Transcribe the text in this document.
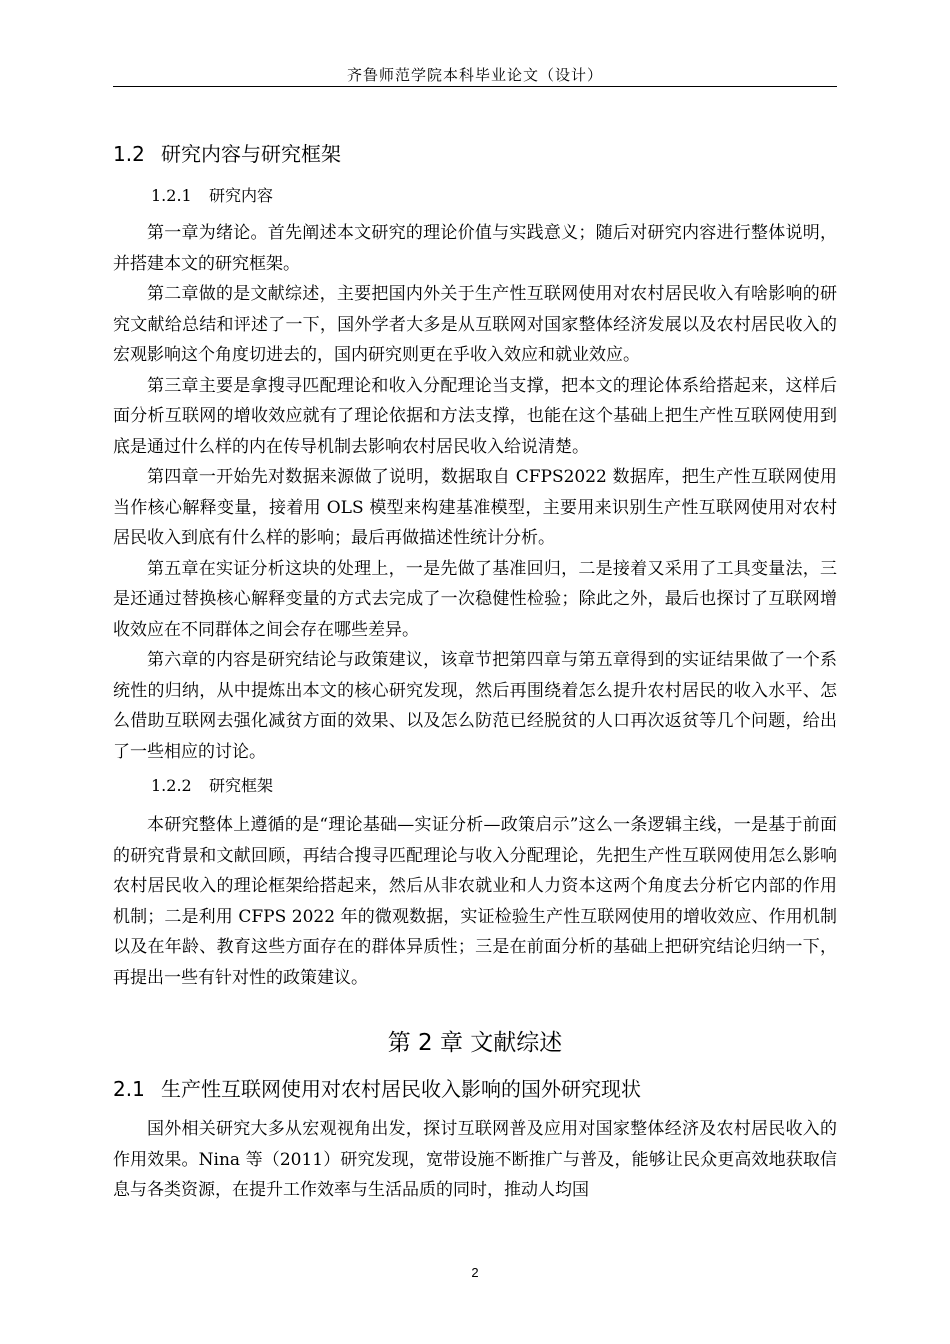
齐鲁师范学院本科毕业论文（设计）
1.2 研究内容与研究框架
1.2.1 研究内容

第一章为绪论。首先阐述本文研究的理论价值与实践意义；随后对研究内容进行整体说明，并搭建本文的研究框架。

第二章做的是文献综述，主要把国内外关于生产性互联网使用对农村居民收入有啥影响的研究文献给总结和评述了一下，国外学者大多是从互联网对国家整体经济发展以及农村居民收入的宏观影响这个角度切进去的，国内研究则更在乎收入效应和就业效应。

第三章主要是拿搜寻匹配理论和收入分配理论当支撑，把本文的理论体系给搭起来，这样后面分析互联网的增收效应就有了理论依据和方法支撑，也能在这个基础上把生产性互联网使用到底是通过什么样的内在传导机制去影响农村居民收入给说清楚。

第四章一开始先对数据来源做了说明，数据取自 CFPS2022 数据库，把生产性互联网使用当作核心解释变量，接着用 OLS 模型来构建基准模型，主要用来识别生产性互联网使用对农村居民收入到底有什么样的影响；最后再做描述性统计分析。

第五章在实证分析这块的处理上，一是先做了基准回归，二是接着又采用了工具变量法，三是还通过替换核心解释变量的方式去完成了一次稳健性检验；除此之外，最后也探讨了互联网增收效应在不同群体之间会存在哪些差异。

第六章的内容是研究结论与政策建议，该章节把第四章与第五章得到的实证结果做了一个系统性的归纳，从中提炼出本文的核心研究发现，然后再围绕着怎么提升农村居民的收入水平、怎么借助互联网去强化减贫方面的效果、以及怎么防范已经脱贫的人口再次返贫等几个问题，给出了一些相应的讨论。

1.2.2 研究框架

本研究整体上遵循的是“理论基础—实证分析—政策启示”这么一条逻辑主线，一是基于前面的研究背景和文献回顾，再结合搜寻匹配理论与收入分配理论，先把生产性互联网使用怎么影响农村居民收入的理论框架给搭起来，然后从非农就业和人力资本这两个角度去分析它内部的作用机制；二是利用 CFPS 2022 年的微观数据，实证检验生产性互联网使用的增收效应、作用机制以及在年龄、教育这些方面存在的群体异质性；三是在前面分析的基础上把研究结论归纳一下，再提出一些有针对性的政策建议。

第 2 章 文献综述
2.1 生产性互联网使用对农村居民收入影响的国外研究现状

国外相关研究大多从宏观视角出发，探讨互联网普及应用对国家整体经济及农村居民收入的作用效果。Nina 等（2011）研究发现，宽带设施不断推广与普及，能够让民众更高效地获取信息与各类资源，在提升工作效率与生活品质的同时，推动人均国

2
